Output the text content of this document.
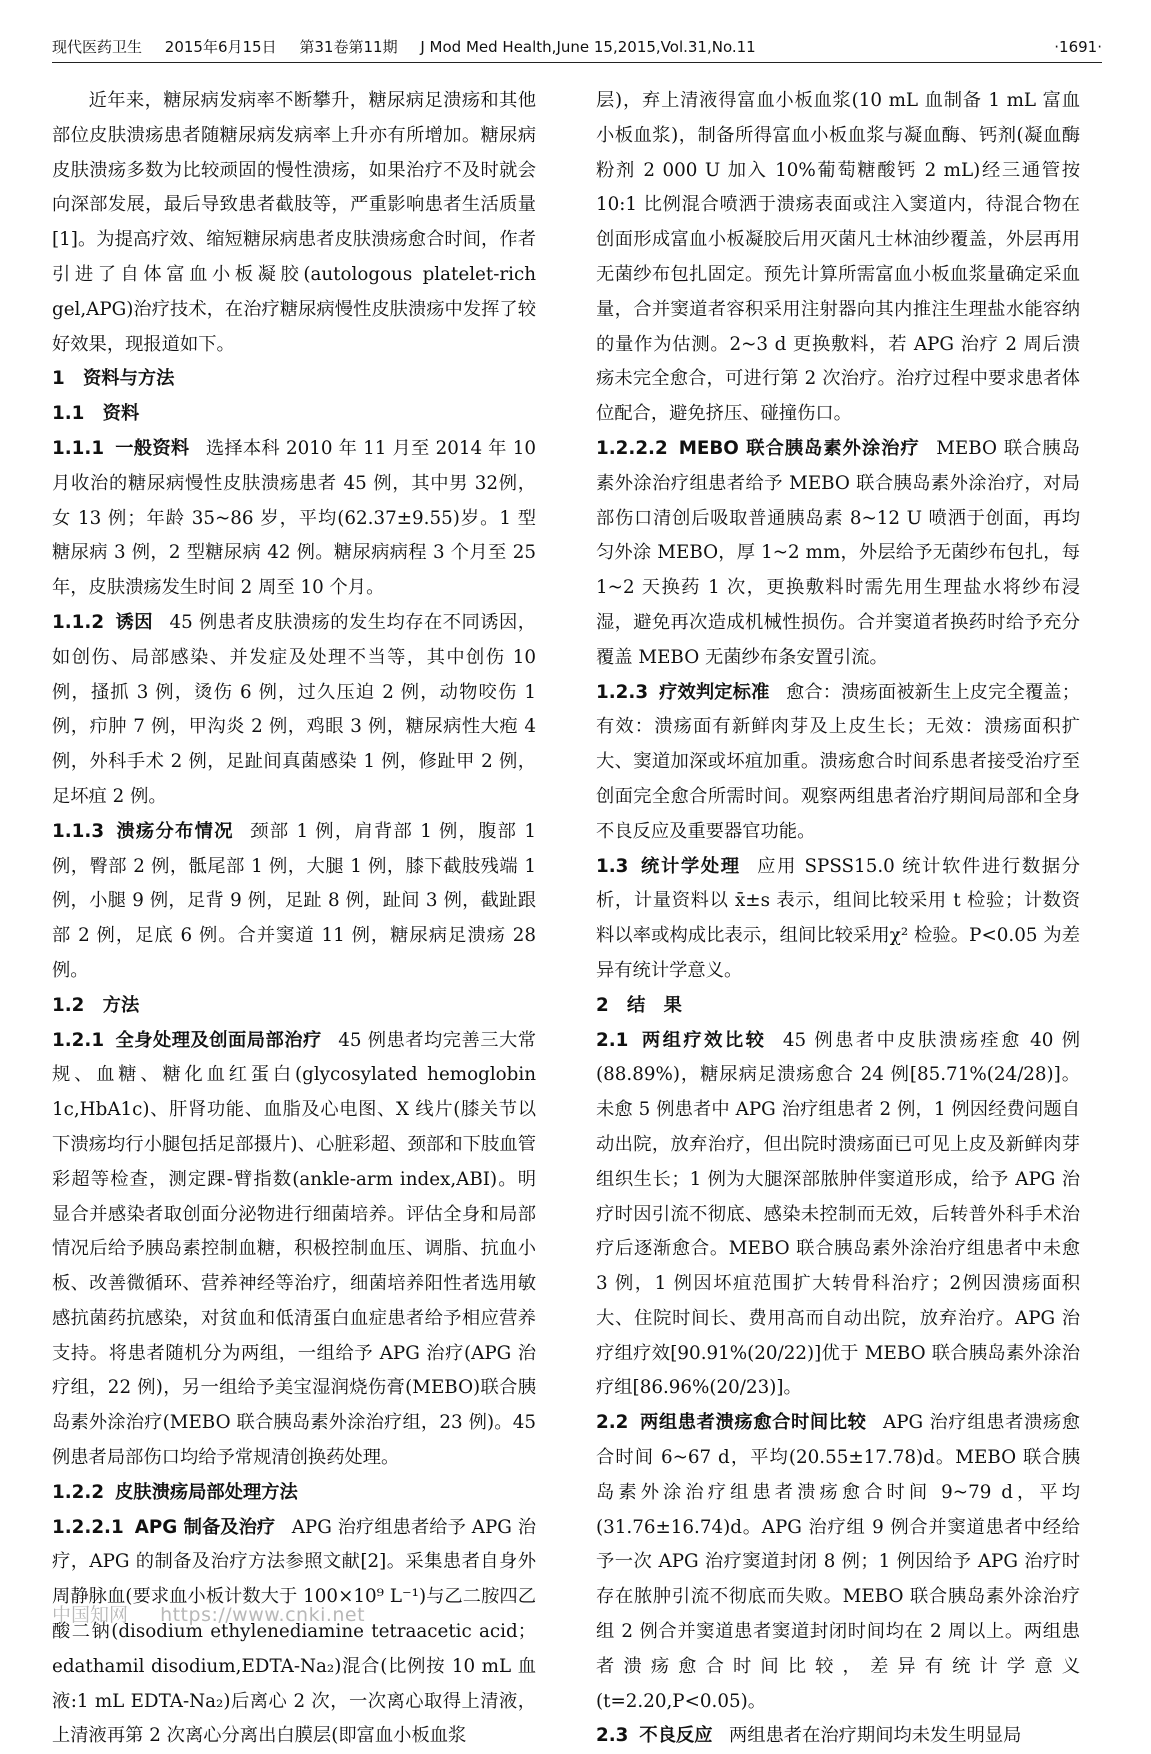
现代医药卫生 2015年6月15日 第31卷第11期 J Mod Med Health,June 15,2015,Vol.31,No.11	·1691·

近年来，糖尿病发病率不断攀升，糖尿病足溃疡和其他部位皮肤溃疡患者随糖尿病发病率上升亦有所增加。糖尿病皮肤溃疡多数为比较顽固的慢性溃疡，如果治疗不及时就会向深部发展，最后导致患者截肢等，严重影响患者生活质量[1]。为提高疗效、缩短糖尿病患者皮肤溃疡愈合时间，作者引进了自体富血小板凝胶(autologous platelet-rich gel,APG)治疗技术，在治疗糖尿病慢性皮肤溃疡中发挥了较好效果，现报道如下。

1　资料与方法
1.1　资料

1.1.1 一般资料 选择本科 2010 年 11 月至 2014 年 10 月收治的糖尿病慢性皮肤溃疡患者 45 例，其中男 32例，女 13 例；年龄 35~86 岁，平均(62.37±9.55)岁。1 型糖尿病 3 例，2 型糖尿病 42 例。糖尿病病程 3 个月至 25 年，皮肤溃疡发生时间 2 周至 10 个月。

1.1.2 诱因 45 例患者皮肤溃疡的发生均存在不同诱因，如创伤、局部感染、并发症及处理不当等，其中创伤 10 例，搔抓 3 例，烫伤 6 例，过久压迫 2 例，动物咬伤 1 例，疖肿 7 例，甲沟炎 2 例，鸡眼 3 例，糖尿病性大疱 4 例，外科手术 2 例，足趾间真菌感染 1 例，修趾甲 2 例，足坏疽 2 例。

1.1.3 溃疡分布情况 颈部 1 例，肩背部 1 例，腹部 1 例，臀部 2 例，骶尾部 1 例，大腿 1 例，膝下截肢残端 1 例，小腿 9 例，足背 9 例，足趾 8 例，趾间 3 例，截趾跟部 2 例，足底 6 例。合并窦道 11 例，糖尿病足溃疡 28 例。

1.2　方法

1.2.1 全身处理及创面局部治疗 45 例患者均完善三大常规、血糖、糖化血红蛋白(glycosylated hemoglobin 1c,HbA1c)、肝肾功能、血脂及心电图、X 线片(膝关节以下溃疡均行小腿包括足部摄片)、心脏彩超、颈部和下肢血管彩超等检查，测定踝-臂指数(ankle-arm index,ABI)。明显合并感染者取创面分泌物进行细菌培养。评估全身和局部情况后给予胰岛素控制血糖，积极控制血压、调脂、抗血小板、改善微循环、营养神经等治疗，细菌培养阳性者选用敏感抗菌药抗感染，对贫血和低清蛋白血症患者给予相应营养支持。将患者随机分为两组，一组给予 APG 治疗(APG 治疗组，22 例)，另一组给予美宝湿润烧伤膏(MEBO)联合胰岛素外涂治疗(MEBO 联合胰岛素外涂治疗组，23 例)。45 例患者局部伤口均给予常规清创换药处理。

1.2.2 皮肤溃疡局部处理方法

1.2.2.1 APG 制备及治疗 APG 治疗组患者给予 APG 治疗，APG 的制备及治疗方法参照文献[2]。采集患者自身外周静脉血(要求血小板计数大于 100×10⁹ L⁻¹)与乙二胺四乙酸二钠(disodium ethylenediamine tetraacetic acid；edathamil disodium,EDTA-Na₂)混合(比例按 10 mL 血液:1 mL EDTA-Na₂)后离心 2 次，一次离心取得上清液，上清液再第 2 次离心分离出白膜层(即富血小板血浆

层)，弃上清液得富血小板血浆(10 mL 血制备 1 mL 富血小板血浆)，制备所得富血小板血浆与凝血酶、钙剂(凝血酶粉剂 2 000 U 加入 10%葡萄糖酸钙 2 mL)经三通管按 10:1 比例混合喷洒于溃疡表面或注入窦道内，待混合物在创面形成富血小板凝胶后用灭菌凡士林油纱覆盖，外层再用无菌纱布包扎固定。预先计算所需富血小板血浆量确定采血量，合并窦道者容积采用注射器向其内推注生理盐水能容纳的量作为估测。2~3 d 更换敷料，若 APG 治疗 2 周后溃疡未完全愈合，可进行第 2 次治疗。治疗过程中要求患者体位配合，避免挤压、碰撞伤口。

1.2.2.2 MEBO 联合胰岛素外涂治疗 MEBO 联合胰岛素外涂治疗组患者给予 MEBO 联合胰岛素外涂治疗，对局部伤口清创后吸取普通胰岛素 8~12 U 喷洒于创面，再均匀外涂 MEBO，厚 1~2 mm，外层给予无菌纱布包扎，每 1~2 天换药 1 次，更换敷料时需先用生理盐水将纱布浸湿，避免再次造成机械性损伤。合并窦道者换药时给予充分覆盖 MEBO 无菌纱布条安置引流。

1.2.3 疗效判定标准 愈合：溃疡面被新生上皮完全覆盖；有效：溃疡面有新鲜肉芽及上皮生长；无效：溃疡面积扩大、窦道加深或坏疽加重。溃疡愈合时间系患者接受治疗至创面完全愈合所需时间。观察两组患者治疗期间局部和全身不良反应及重要器官功能。

1.3 统计学处理 应用 SPSS15.0 统计软件进行数据分析，计量资料以 x̄±s 表示，组间比较采用 t 检验；计数资料以率或构成比表示，组间比较采用χ² 检验。P<0.05 为差异有统计学意义。

2　结　果

2.1 两组疗效比较 45 例患者中皮肤溃疡痊愈 40 例(88.89%)，糖尿病足溃疡愈合 24 例[85.71%(24/28)]。未愈 5 例患者中 APG 治疗组患者 2 例，1 例因经费问题自动出院，放弃治疗，但出院时溃疡面已可见上皮及新鲜肉芽组织生长；1 例为大腿深部脓肿伴窦道形成，给予 APG 治疗时因引流不彻底、感染未控制而无效，后转普外科手术治疗后逐渐愈合。MEBO 联合胰岛素外涂治疗组患者中未愈 3 例，1 例因坏疽范围扩大转骨科治疗；2例因溃疡面积大、住院时间长、费用高而自动出院，放弃治疗。APG 治疗组疗效[90.91%(20/22)]优于 MEBO 联合胰岛素外涂治疗组[86.96%(20/23)]。

2.2 两组患者溃疡愈合时间比较 APG 治疗组患者溃疡愈合时间 6~67 d，平均(20.55±17.78)d。MEBO 联合胰岛素外涂治疗组患者溃疡愈合时间 9~79 d，平均(31.76±16.74)d。APG 治疗组 9 例合并窦道患者中经给予一次 APG 治疗窦道封闭 8 例；1 例因给予 APG 治疗时存在脓肿引流不彻底而失败。MEBO 联合胰岛素外涂治疗组 2 例合并窦道患者窦道封闭时间均在 2 周以上。两组患者溃疡愈合时间比较，差异有统计学意义(t=2.20,P<0.05)。

2.3 不良反应 两组患者在治疗期间均未发生明显局

中国知网 https://www.cnki.net
